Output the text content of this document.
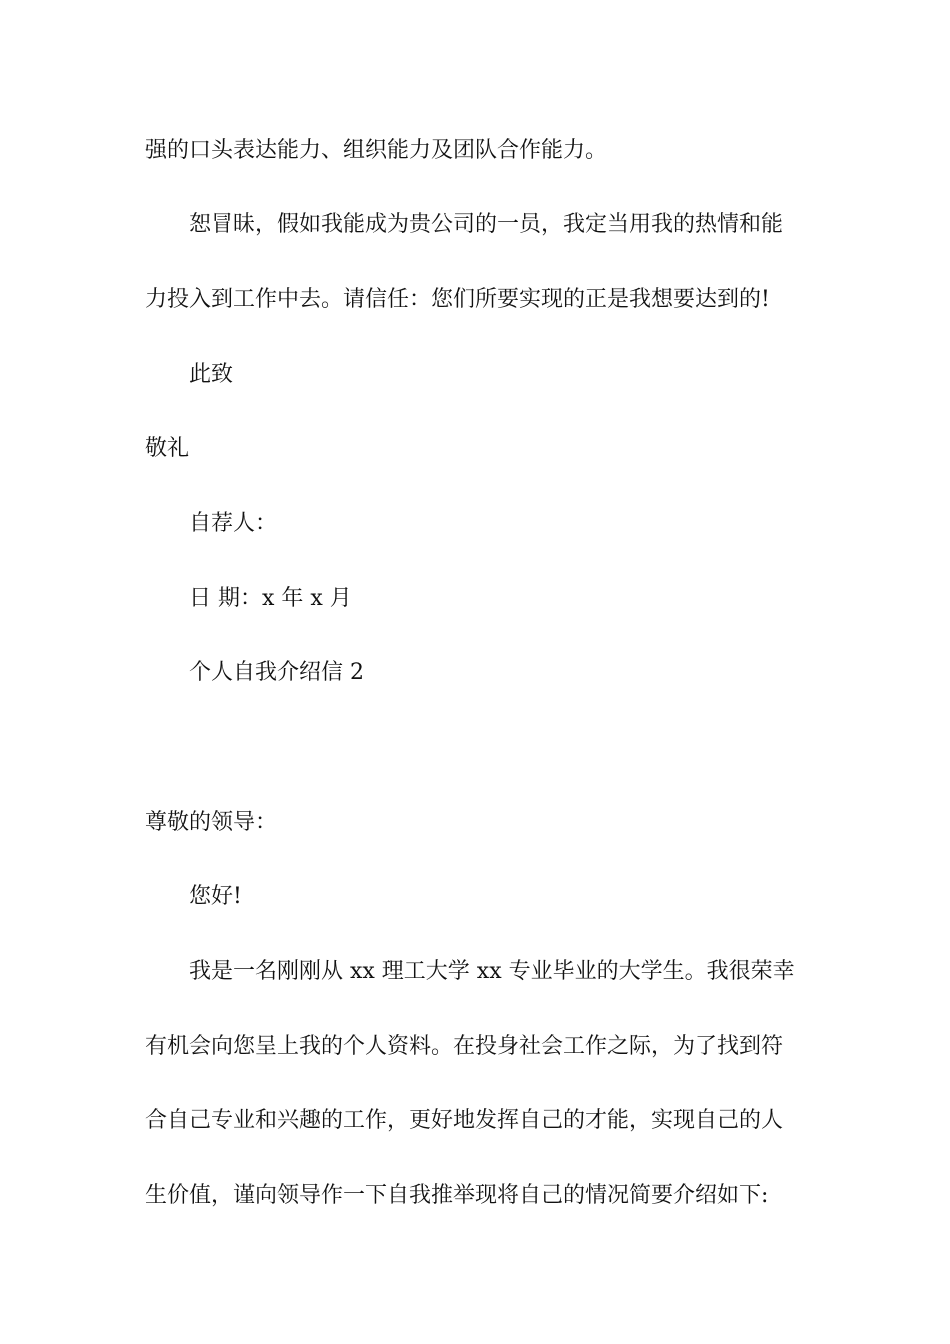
强的口头表达能力、组织能力及团队合作能力。
恕冒昧，假如我能成为贵公司的一员，我定当用我的热情和能
力投入到工作中去。请信任：您们所要实现的正是我想要达到的!
此致
敬礼
自荐人：
日 期：x 年 x 月
个人自我介绍信 2
尊敬的领导：
您好!
我是一名刚刚从 xx 理工大学 xx 专业毕业的大学生。我很荣幸
有机会向您呈上我的个人资料。在投身社会工作之际，为了找到符
合自己专业和兴趣的工作，更好地发挥自己的才能，实现自己的人
生价值，谨向领导作一下自我推举现将自己的情况简要介绍如下:
